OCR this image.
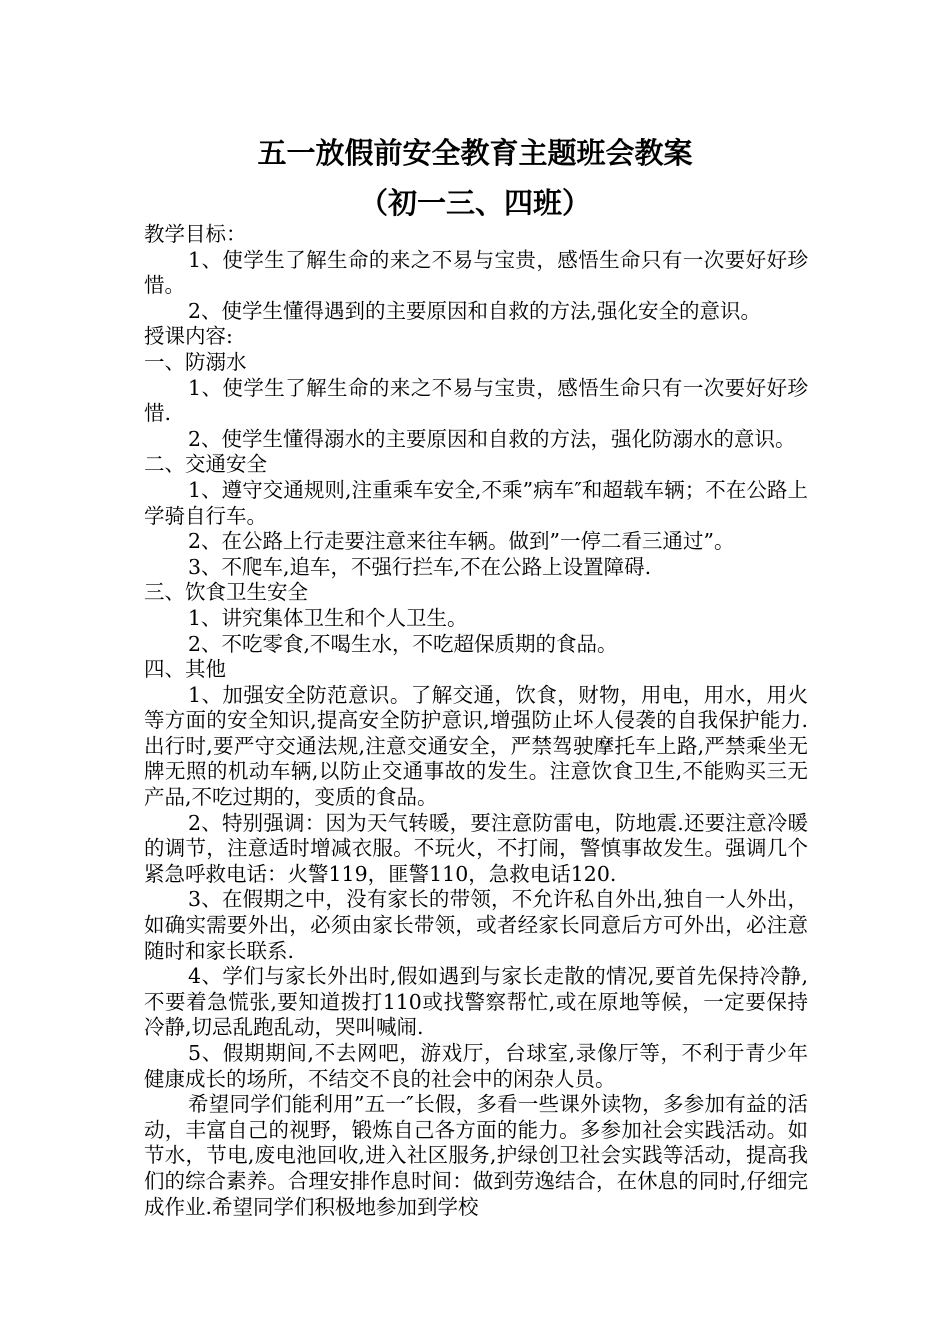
五一放假前安全教育主题班会教案
（初一三、四班）

教学目标：

1、使学生了解生命的来之不易与宝贵，感悟生命只有一次要好好珍惜。

2、使学生懂得遇到的主要原因和自救的方法,强化安全的意识。

授课内容:

一、防溺水

1、使学生了解生命的来之不易与宝贵，感悟生命只有一次要好好珍惜.

2、使学生懂得溺水的主要原因和自救的方法，强化防溺水的意识。

二、交通安全

1、遵守交通规则,注重乘车安全,不乘”病车″和超载车辆；不在公路上学骑自行车。

2、在公路上行走要注意来往车辆。做到”一停二看三通过”。

3、不爬车,追车，不强行拦车,不在公路上设置障碍.

三、饮食卫生安全

1、讲究集体卫生和个人卫生。

2、不吃零食,不喝生水，不吃超保质期的食品。

四、其他

1、加强安全防范意识。了解交通，饮食，财物，用电，用水，用火等方面的安全知识,提高安全防护意识,增强防止坏人侵袭的自我保护能力.出行时,要严守交通法规,注意交通安全，严禁驾驶摩托车上路,严禁乘坐无牌无照的机动车辆,以防止交通事故的发生。注意饮食卫生,不能购买三无产品,不吃过期的，变质的食品。

2、特别强调：因为天气转暖，要注意防雷电，防地震.还要注意冷暖的调节，注意适时增减衣服。不玩火，不打闹，警慎事故发生。强调几个紧急呼救电话：火警119，匪警110，急救电话120.

3、在假期之中，没有家长的带领，不允许私自外出,独自一人外出，如确实需要外出，必须由家长带领，或者经家长同意后方可外出，必注意随时和家长联系.

4、学们与家长外出时,假如遇到与家长走散的情况,要首先保持冷静,不要着急慌张,要知道拨打110或找警察帮忙,或在原地等候，一定要保持冷静,切忌乱跑乱动，哭叫喊闹.

5、假期期间,不去网吧，游戏厅，台球室,录像厅等，不利于青少年健康成长的场所，不结交不良的社会中的闲杂人员。

希望同学们能利用”五一″长假，多看一些课外读物，多参加有益的活动，丰富自己的视野，锻炼自己各方面的能力。多参加社会实践活动。如节水，节电,废电池回收,进入社区服务,护绿创卫社会实践等活动，提高我们的综合素养。合理安排作息时间：做到劳逸结合，在休息的同时,仔细完成作业.希望同学们积极地参加到学校
